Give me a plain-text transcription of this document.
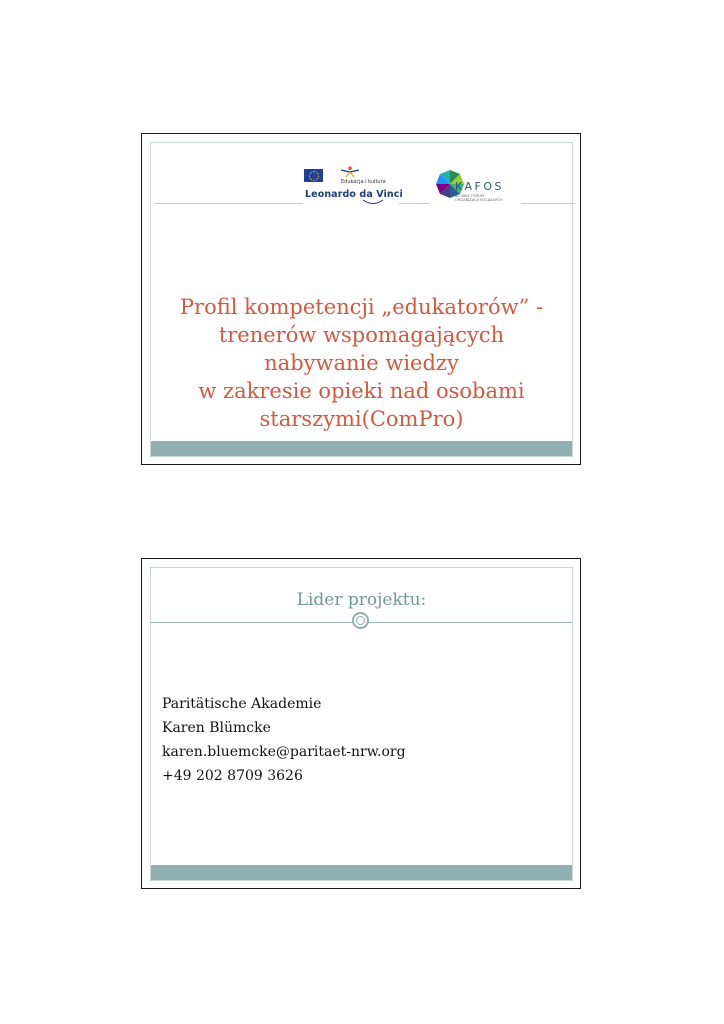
Edukacja i kultura
Leonardo da Vinci
KAFOS
ŚLĄSKIE FORUM
ORGANIZACJI SOCJALNYCH
Profil kompetencji „edukatorów” -
trenerów wspomagających
nabywanie wiedzy
w zakresie opieki nad osobami
starszymi(ComPro)
Lider projektu:
Paritätische Akademie
Karen Blümcke
karen.bluemcke@paritaet-nrw.org
+49 202 8709 3626
